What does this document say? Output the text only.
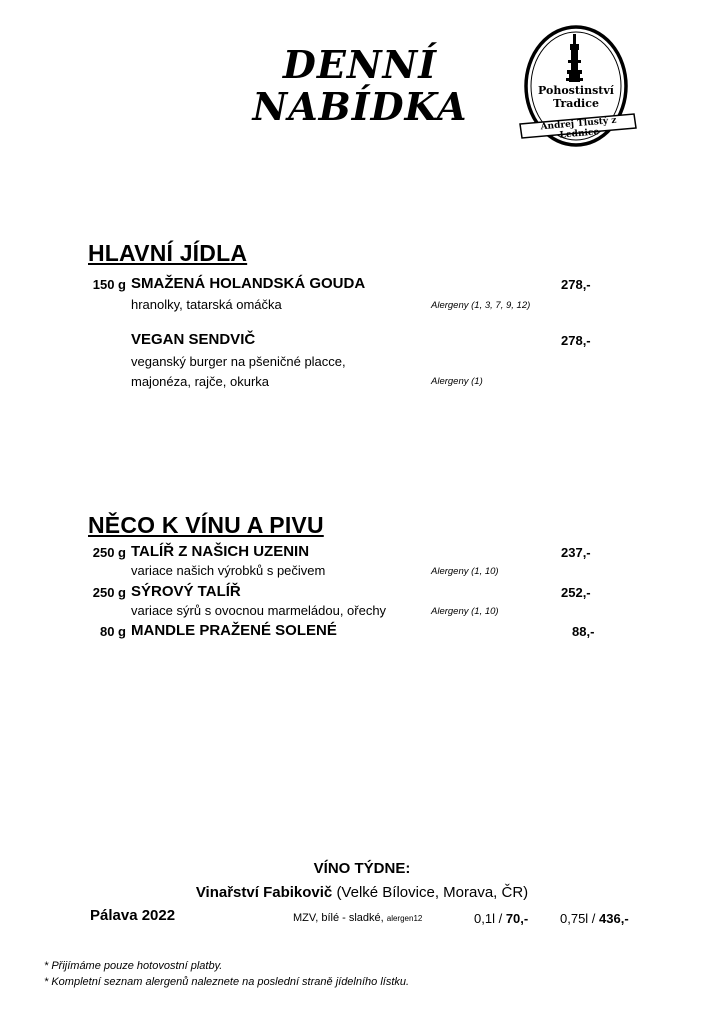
DENNÍ
NABÍDKA	Pohostinství
Tradice
Andrej Tlustý z Lednice
HLAVNÍ JÍDLA
150 g SMAŽENÁ HOLANDSKÁ GOUDA	278,-
hranolky, tatarská omáčka	Alergeny (1, 3, 7, 9, 12)
VEGAN SENDVIČ	278,-
veganský burger na pšeničné placce,
majonéza, rajče, okurka	Alergeny (1)
NĚCO K VÍNU A PIVU
250 g TALÍŘ Z NAŠICH UZENIN	237,-
variace našich výrobků s pečivem	Alergeny (1, 10)
250 g SÝROVÝ TALÍŘ	252,-
variace sýrů s ovocnou marmeládou, ořechy	Alergeny (1, 10)
80 g MANDLE PRAŽENÉ SOLENÉ	88,-
VÍNO TÝDNE:
Vinařství Fabikovič (Velké Bílovice, Morava, ČR)
Pálava 2022	MZV, bílé - sladké, alergen12	0,1l / 70,- 0,75l / 436,-
* Přijímáme pouze hotovostní platby.
* Kompletní seznam alergenů naleznete na poslední straně jídelního lístku.
